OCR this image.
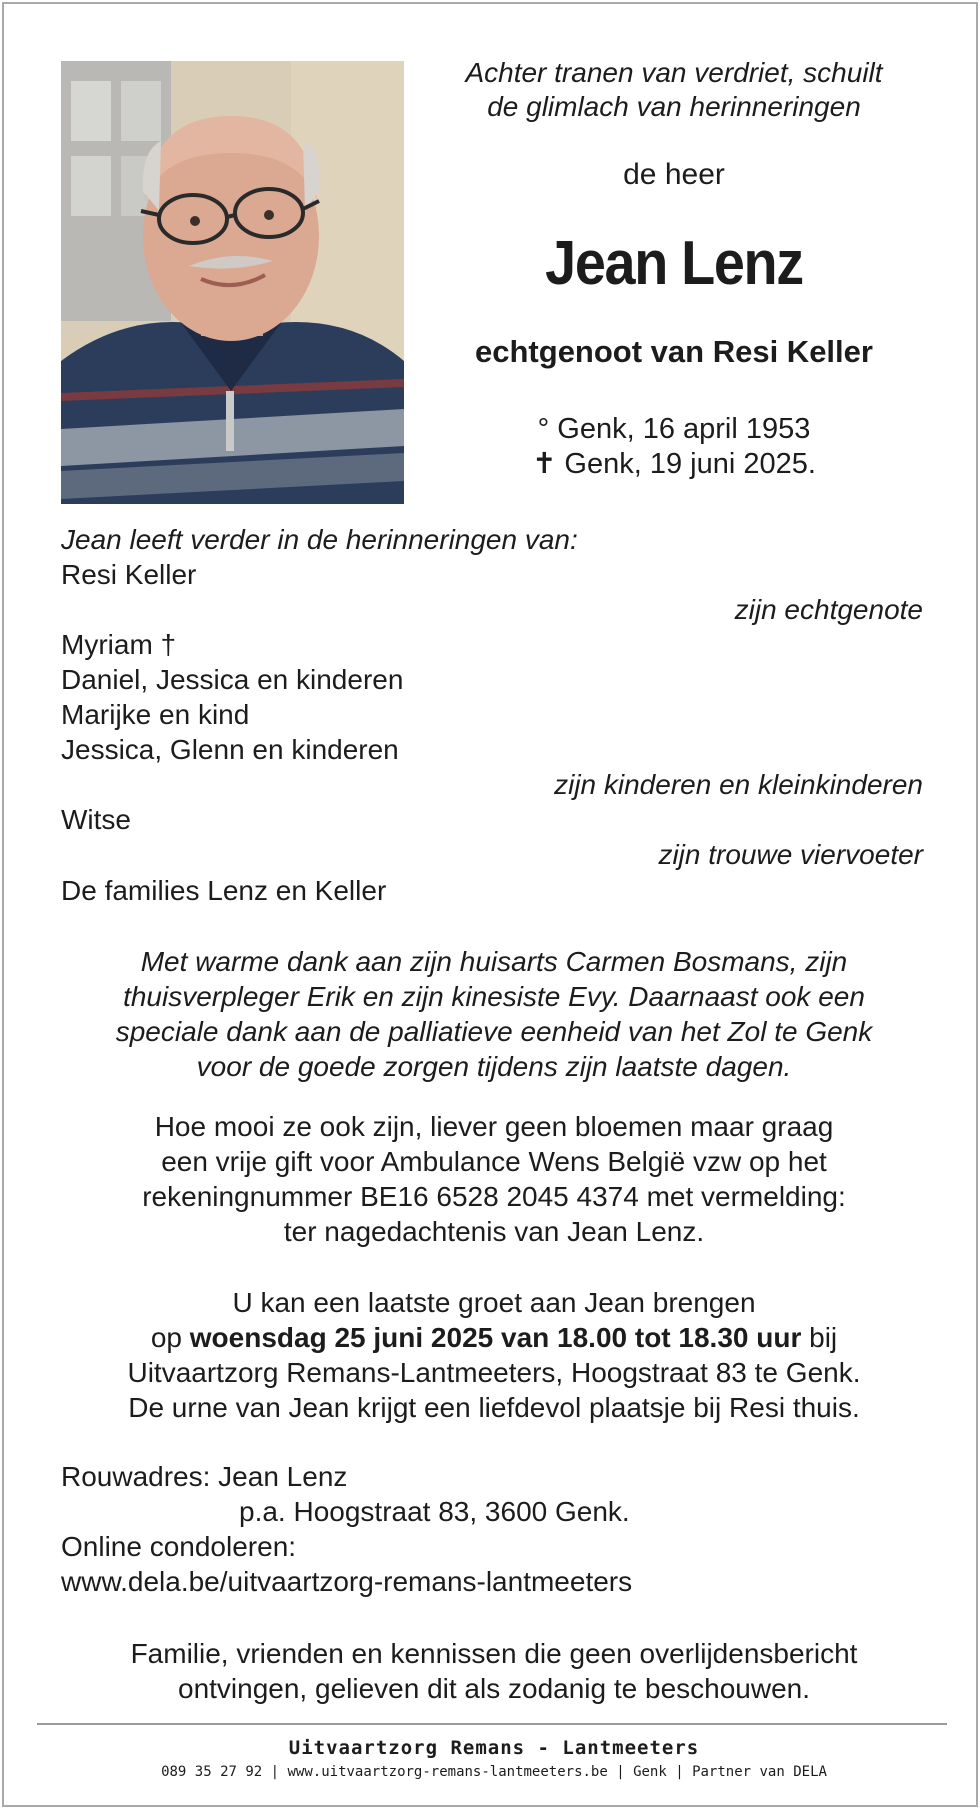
Achter tranen van verdriet, schuilt
de glimlach van herinneringen
de heer
Jean Lenz
echtgenoot van Resi Keller
° Genk, 16 april 1953
✝ Genk, 19 juni 2025.
Jean leeft verder in de herinneringen van:
Resi Keller
zijn echtgenote
Myriam †
Daniel, Jessica en kinderen
Marijke en kind
Jessica, Glenn en kinderen
zijn kinderen en kleinkinderen
Witse
zijn trouwe viervoeter
De families Lenz en Keller
Met warme dank aan zijn huisarts Carmen Bosmans, zijn
thuisverpleger Erik en zijn kinesiste Evy. Daarnaast ook een
speciale dank aan de palliatieve eenheid van het Zol te Genk
voor de goede zorgen tijdens zijn laatste dagen.
Hoe mooi ze ook zijn, liever geen bloemen maar graag
een vrije gift voor Ambulance Wens België vzw op het
rekeningnummer BE16 6528 2045 4374 met vermelding:
ter nagedachtenis van Jean Lenz.
U kan een laatste groet aan Jean brengen
op woensdag 25 juni 2025 van 18.00 tot 18.30 uur bij
Uitvaartzorg Remans-Lantmeeters, Hoogstraat 83 te Genk.
De urne van Jean krijgt een liefdevol plaatsje bij Resi thuis.
Rouwadres: Jean Lenz
p.a. Hoogstraat 83, 3600 Genk.
Online condoleren:
www.dela.be/uitvaartzorg-remans-lantmeeters
Familie, vrienden en kennissen die geen overlijdensbericht
ontvingen, gelieven dit als zodanig te beschouwen.
Uitvaartzorg Remans - Lantmeeters
089 35 27 92 | www.uitvaartzorg-remans-lantmeeters.be | Genk | Partner van DELA
